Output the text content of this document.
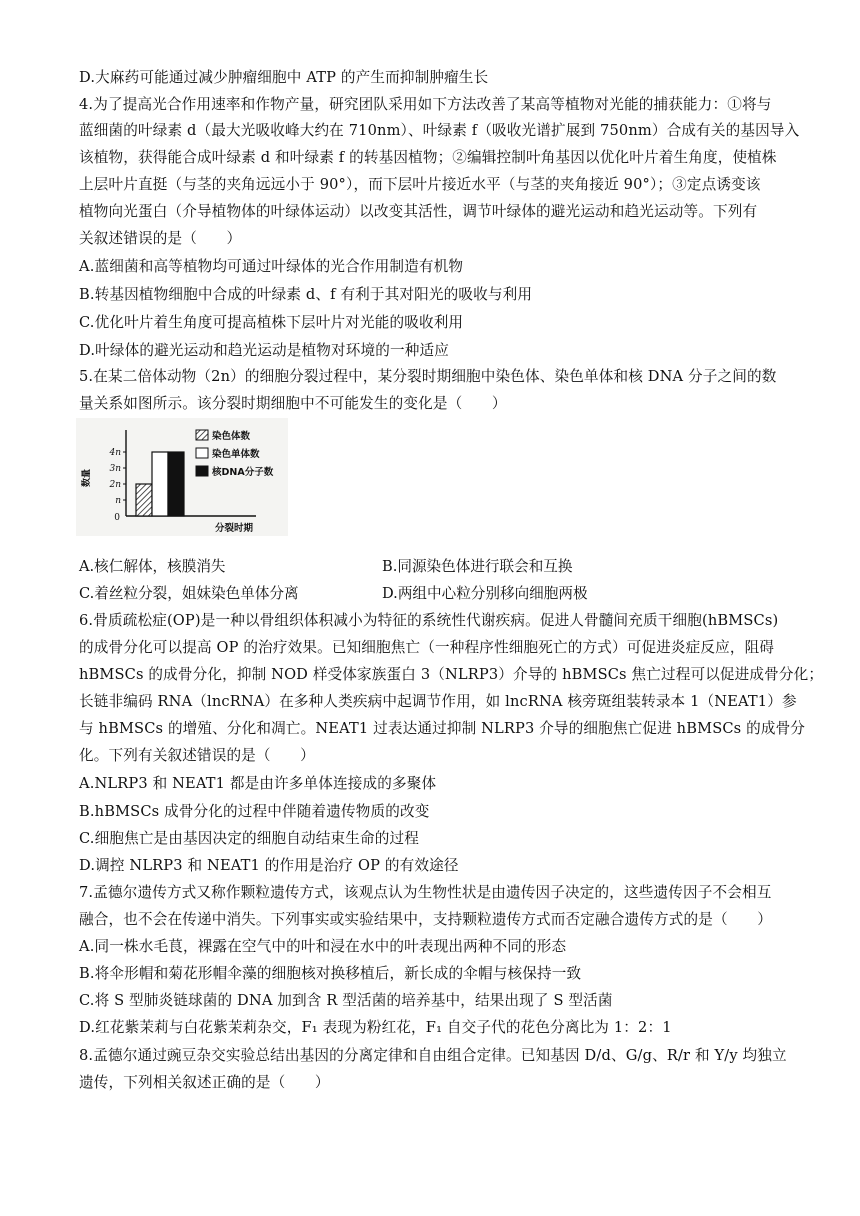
D.大麻药可能通过减少肿瘤细胞中 ATP 的产生而抑制肿瘤生长
4.为了提高光合作用速率和作物产量，研究团队采用如下方法改善了某高等植物对光能的捕获能力：①将与
蓝细菌的叶绿素 d（最大光吸收峰大约在 710nm）、叶绿素 f（吸收光谱扩展到 750nm）合成有关的基因导入
该植物，获得能合成叶绿素 d 和叶绿素 f 的转基因植物；②编辑控制叶角基因以优化叶片着生角度，使植株
上层叶片直挺（与茎的夹角远远小于 90°），而下层叶片接近水平（与茎的夹角接近 90°）；③定点诱变该
植物向光蛋白（介导植物体的叶绿体运动）以改变其活性，调节叶绿体的避光运动和趋光运动等。下列有
关叙述错误的是（　　）
A.蓝细菌和高等植物均可通过叶绿体的光合作用制造有机物
B.转基因植物细胞中合成的叶绿素 d、f 有利于其对阳光的吸收与利用
C.优化叶片着生角度可提高植株下层叶片对光能的吸收利用
D.叶绿体的避光运动和趋光运动是植物对环境的一种适应
5.在某二倍体动物（2n）的细胞分裂过程中，某分裂时期细胞中染色体、染色单体和核 DNA 分子之间的数
量关系如图所示。该分裂时期细胞中不可能发生的变化是（　　）
n
2n
3n
4n
0
数量
分裂时期
染色体数
染色单体数
核DNA分子数
A.核仁解体，核膜消失	B.同源染色体进行联会和互换
C.着丝粒分裂，姐妹染色单体分离	D.两组中心粒分别移向细胞两极
6.骨质疏松症(OP)是一种以骨组织体积减小为特征的系统性代谢疾病。促进人骨髓间充质干细胞(hBMSCs)
的成骨分化可以提高 OP 的治疗效果。已知细胞焦亡（一种程序性细胞死亡的方式）可促进炎症反应，阻碍
hBMSCs 的成骨分化，抑制 NOD 样受体家族蛋白 3（NLRP3）介导的 hBMSCs 焦亡过程可以促进成骨分化；
长链非编码 RNA（lncRNA）在多种人类疾病中起调节作用，如 lncRNA 核旁斑组装转录本 1（NEAT1）参
与 hBMSCs 的增殖、分化和凋亡。NEAT1 过表达通过抑制 NLRP3 介导的细胞焦亡促进 hBMSCs 的成骨分
化。下列有关叙述错误的是（　　）
A.NLRP3 和 NEAT1 都是由许多单体连接成的多聚体
B.hBMSCs 成骨分化的过程中伴随着遗传物质的改变
C.细胞焦亡是由基因决定的细胞自动结束生命的过程
D.调控 NLRP3 和 NEAT1 的作用是治疗 OP 的有效途径
7.孟德尔遗传方式又称作颗粒遗传方式，该观点认为生物性状是由遗传因子决定的，这些遗传因子不会相互
融合，也不会在传递中消失。下列事实或实验结果中，支持颗粒遗传方式而否定融合遗传方式的是（　　）
A.同一株水毛茛，裸露在空气中的叶和浸在水中的叶表现出两种不同的形态
B.将伞形帽和菊花形帽伞藻的细胞核对换移植后，新长成的伞帽与核保持一致
C.将 S 型肺炎链球菌的 DNA 加到含 R 型活菌的培养基中，结果出现了 S 型活菌
D.红花紫茉莉与白花紫茉莉杂交，F₁ 表现为粉红花，F₁ 自交子代的花色分离比为 1：2：1
8.孟德尔通过豌豆杂交实验总结出基因的分离定律和自由组合定律。已知基因 D/d、G/g、R/r 和 Y/y 均独立
遗传，下列相关叙述正确的是（　　）
